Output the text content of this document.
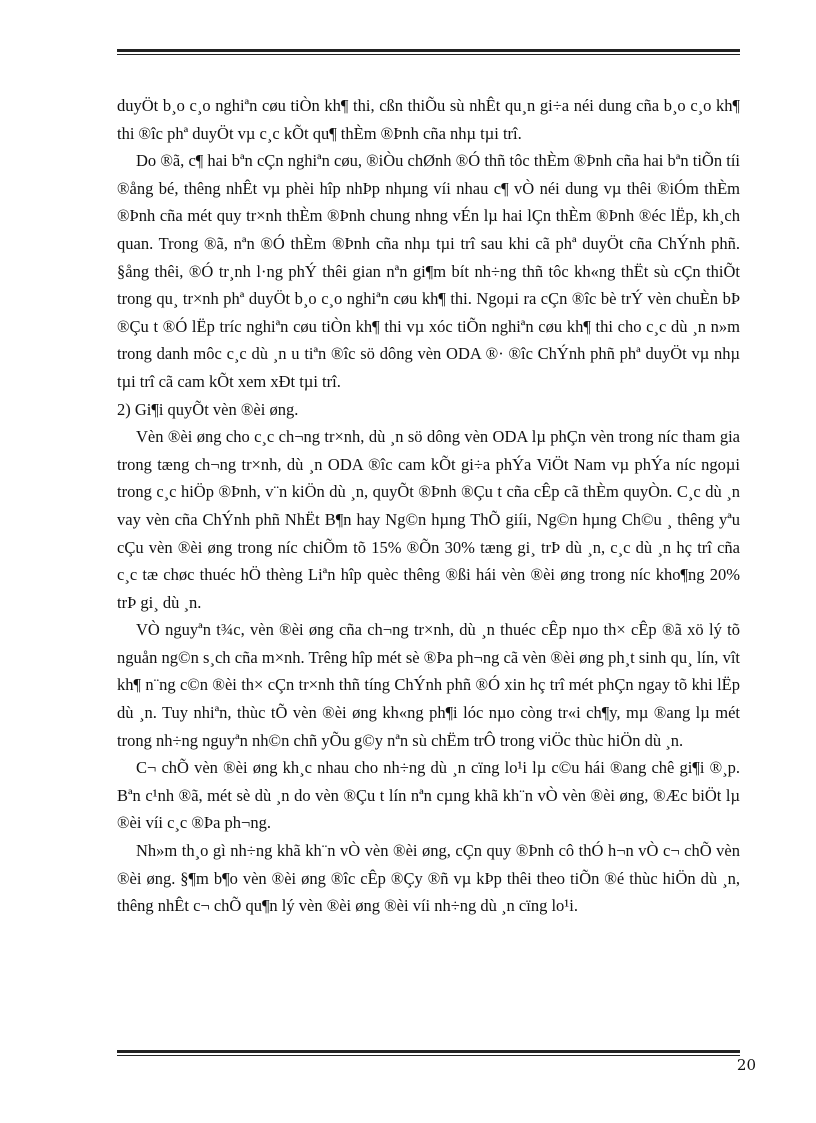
duyÖt b¸o c¸o nghiªn cøu tiÒn kh¶ thi, cßn thiÕu sù nhÊt qu¸n gi÷a néi dung cña b¸o c¸o kh¶ thi ®îc phª duyÖt vµ c¸c kÕt qu¶ thÈm ®Þnh cña nhµ tµi trî.

Do ®ã, c¶ hai bªn cÇn nghiªn cøu, ®iÒu chØnh ®Ó thñ tôc thÈm ®Þnh cña hai bªn tiÕn tíi ®ång bé, thêng nhÊt vµ phèi hîp nhÞp nhµng víi nhau c¶ vÒ néi dung vµ thêi ®iÓm thÈm ®Þnh cña mét quy tr×nh thÈm ®Þnh chung nhng vÉn lµ hai lÇn thÈm ®Þnh ®éc lËp, kh¸ch quan. Trong ®ã, nªn ®Ó thÈm ®Þnh cña nhµ tµi trî sau khi cã phª duyÖt cña ChÝnh phñ. §ång thêi, ®Ó tr¸nh l·ng phÝ thêi gian nªn gi¶m bít nh÷ng thñ tôc kh«ng thËt sù cÇn thiÕt trong qu¸ tr×nh phª duyÖt b¸o c¸o nghiªn cøu kh¶ thi. Ngoµi ra cÇn ®îc bè trÝ vèn chuÈn bÞ ®Çu t ®Ó lËp tríc nghiªn cøu tiÒn kh¶ thi vµ xóc tiÕn nghiªn cøu kh¶ thi cho c¸c dù ¸n n»m trong danh môc c¸c dù ¸n u tiªn ®îc sö dông vèn ODA ®· ®îc ChÝnh phñ phª duyÖt vµ nhµ tµi trî cã cam kÕt xem xÐt tµi trî.

2) Gi¶i quyÕt vèn ®èi øng.

Vèn ®èi øng cho c¸c ch¬ng tr×nh, dù ¸n sö dông vèn ODA lµ phÇn vèn trong níc tham gia trong tæng ch¬ng tr×nh, dù ¸n ODA ®îc cam kÕt gi÷a phÝa ViÖt Nam vµ phÝa níc ngoµi trong c¸c hiÖp ®Þnh, v¨n kiÖn dù ¸n, quyÕt ®Þnh ®Çu t cña cÊp cã thÈm quyÒn. C¸c dù ¸n vay vèn cña ChÝnh phñ NhËt B¶n hay Ng©n hµng ThÕ giíi, Ng©n hµng Ch©u ¸ thêng yªu cÇu vèn ®èi øng trong níc chiÕm tõ 15% ®Õn 30% tæng gi¸ trÞ dù ¸n, c¸c dù ¸n hç trî cña c¸c tæ chøc thuéc hÖ thèng Liªn hîp quèc thêng ®ßi hái vèn ®èi øng trong níc kho¶ng 20% trÞ gi¸ dù ¸n.

VÒ nguyªn t¾c, vèn ®èi øng cña ch¬ng tr×nh, dù ¸n thuéc cÊp nµo th× cÊp ®ã xö lý tõ nguån ng©n s¸ch cña m×nh. Trêng hîp mét sè ®Þa ph¬ng cã vèn ®èi øng ph¸t sinh qu¸ lín, vît kh¶ n¨ng c©n ®èi th× cÇn tr×nh thñ tíng ChÝnh phñ ®Ó xin hç trî mét phÇn ngay tõ khi lËp dù ¸n. Tuy nhiªn, thùc tÕ vèn ®èi øng kh«ng ph¶i lóc nµo còng tr«i ch¶y, mµ ®ang lµ mét trong nh÷ng nguyªn nh©n chñ yÕu g©y nªn sù chËm trÔ trong viÖc thùc hiÖn dù ¸n.

C¬ chÕ vèn ®èi øng kh¸c nhau cho nh÷ng dù ¸n cïng lo¹i lµ c©u hái ®ang chê gi¶i ®¸p. Bªn c¹nh ®ã, mét sè dù ¸n do vèn ®Çu t lín nªn cµng khã kh¨n vÒ vèn ®èi øng, ®Æc biÖt lµ ®èi víi c¸c ®Þa ph¬ng.

Nh»m th¸o gì nh÷ng khã kh¨n vÒ vèn ®èi øng, cÇn quy ®Þnh cô thÓ h¬n vÒ c¬ chÕ vèn ®èi øng. §¶m b¶o vèn ®èi øng ®îc cÊp ®Çy ®ñ vµ kÞp thêi theo tiÕn ®é thùc hiÖn dù ¸n, thêng nhÊt c¬ chÕ qu¶n lý vèn ®èi øng ®èi víi nh÷ng dù ¸n cïng lo¹i.

20
